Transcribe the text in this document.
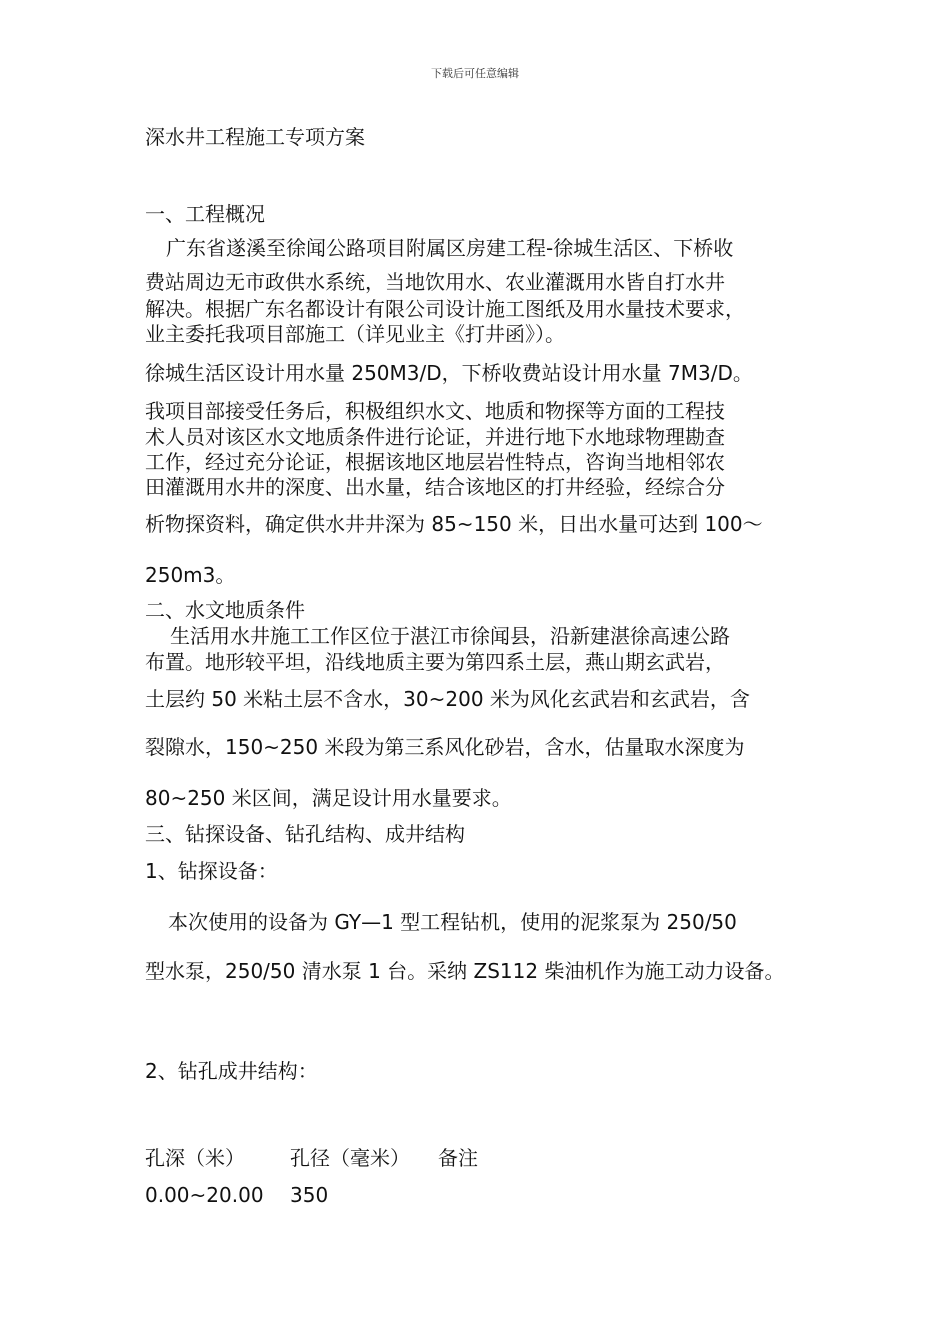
下载后可任意编辑
深水井工程施工专项方案
一、工程概况
广东省遂溪至徐闻公路项目附属区房建工程-徐城生活区、下桥收
费站周边无市政供水系统，当地饮用水、农业灌溉用水皆自打水井
解决。根据广东名都设计有限公司设计施工图纸及用水量技术要求，
业主委托我项目部施工（详见业主《打井函》）。
徐城生活区设计用水量 250M3/D，下桥收费站设计用水量 7M3/D。
我项目部接受任务后，积极组织水文、地质和物探等方面的工程技
术人员对该区水文地质条件进行论证，并进行地下水地球物理勘查
工作，经过充分论证，根据该地区地层岩性特点，咨询当地相邻农
田灌溉用水井的深度、出水量，结合该地区的打井经验，经综合分
析物探资料，确定供水井井深为 85~150 米，日出水量可达到 100～
250m3。
二、水文地质条件
生活用水井施工工作区位于湛江市徐闻县，沿新建湛徐高速公路
布置。地形较平坦，沿线地质主要为第四系土层，燕山期玄武岩，
土层约 50 米粘土层不含水，30~200 米为风化玄武岩和玄武岩，含
裂隙水，150~250 米段为第三系风化砂岩，含水，估量取水深度为
80~250 米区间，满足设计用水量要求。
三、钻探设备、钻孔结构、成井结构
1、钻探设备：
本次使用的设备为 GY—1 型工程钻机，使用的泥浆泵为 250/50
型水泵，250/50 清水泵 1 台。采纳 ZS112 柴油机作为施工动力设备。
2、钻孔成井结构：
孔深（米） 孔径（毫米） 备注
0.00~20.00 350
